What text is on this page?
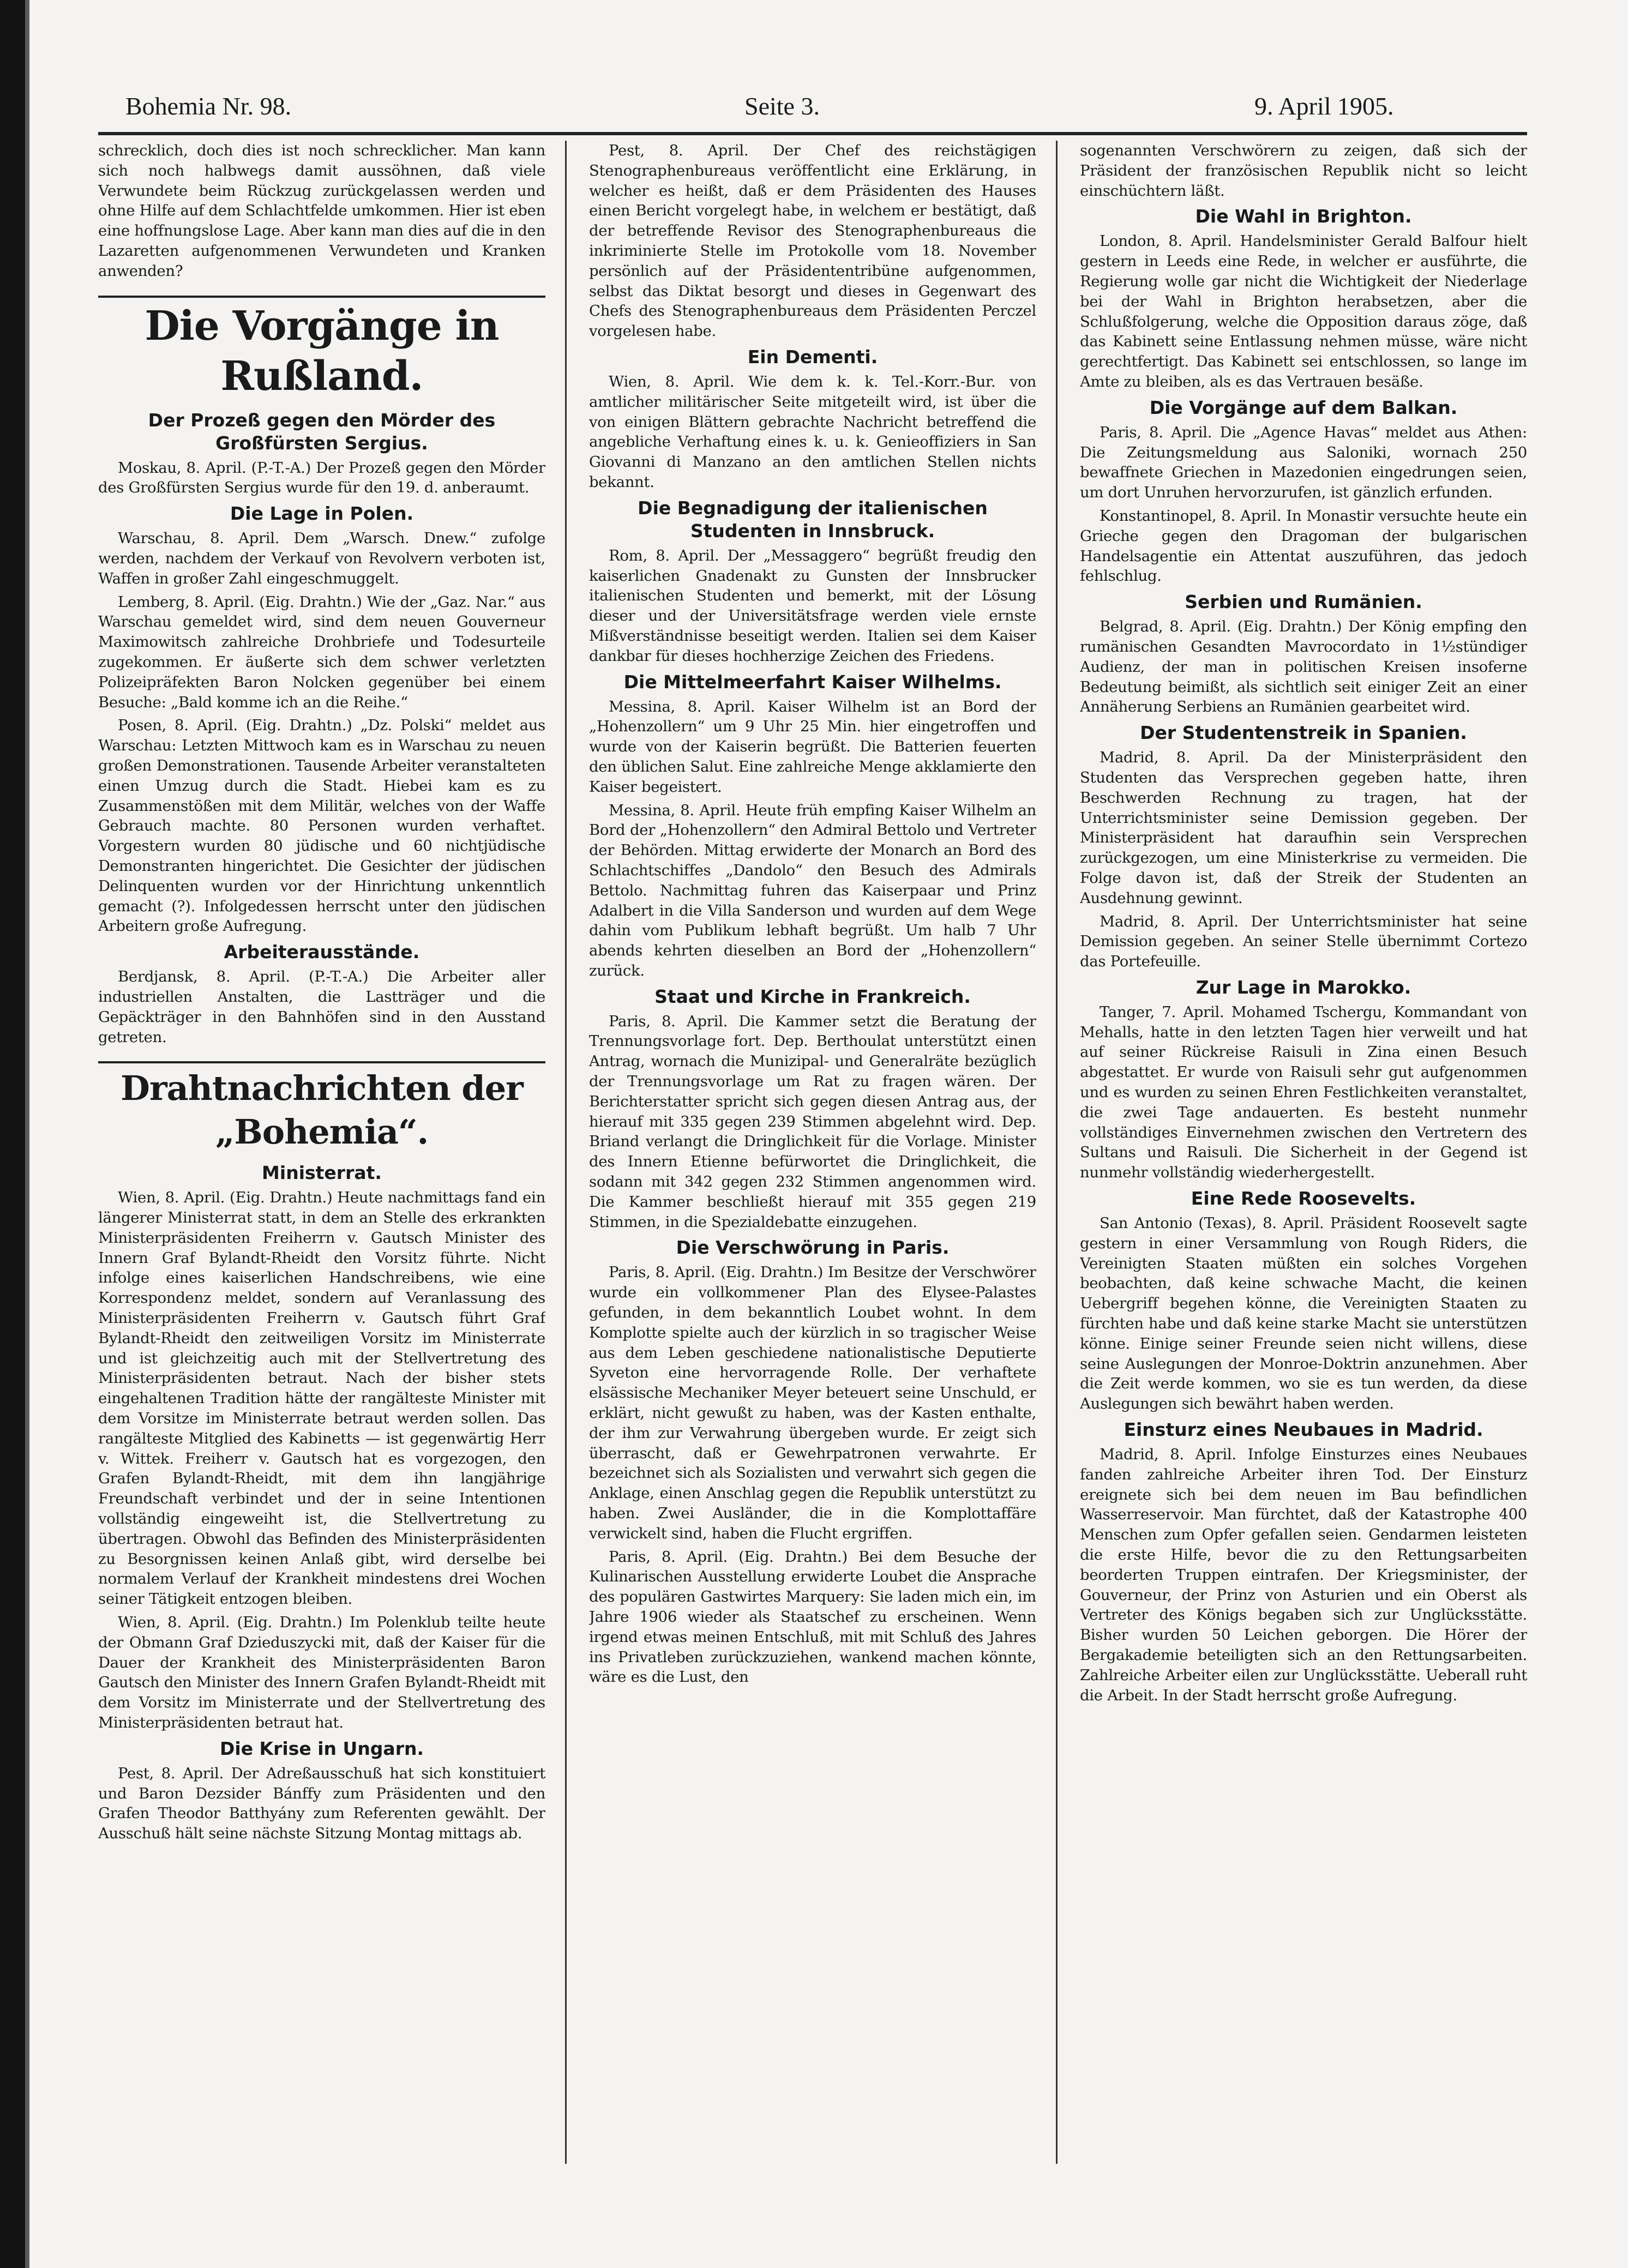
Bohemia Nr. 98.	Seite 3.	9. April 1905.

schrecklich, doch dies ist noch schrecklicher. Man kann sich noch halbwegs damit aussöhnen, daß viele Verwundete beim Rückzug zurückgelassen werden und ohne Hilfe auf dem Schlachtfelde umkommen. Hier ist eben eine hoffnungslose Lage. Aber kann man dies auf die in den Lazaretten aufgenommenen Verwundeten und Kranken anwenden?

Die Vorgänge in Rußland.
Der Prozeß gegen den Mörder des Großfürsten Sergius.

Moskau, 8. April. (P.-T.-A.) Der Prozeß gegen den Mörder des Großfürsten Sergius wurde für den 19. d. anberaumt.

Die Lage in Polen.

Warschau, 8. April. Dem „Warsch. Dnew.“ zufolge werden, nachdem der Verkauf von Revolvern verboten ist, Waffen in großer Zahl eingeschmuggelt.

Lemberg, 8. April. (Eig. Drahtn.) Wie der „Gaz. Nar.“ aus Warschau gemeldet wird, sind dem neuen Gouverneur Maximowitsch zahlreiche Drohbriefe und Todesurteile zugekommen. Er äußerte sich dem schwer verletzten Polizeipräfekten Baron Nolcken gegenüber bei einem Besuche: „Bald komme ich an die Reihe.“

Posen, 8. April. (Eig. Drahtn.) „Dz. Polski“ meldet aus Warschau: Letzten Mittwoch kam es in Warschau zu neuen großen Demonstrationen. Tausende Arbeiter veranstalteten einen Umzug durch die Stadt. Hiebei kam es zu Zusammenstößen mit dem Militär, welches von der Waffe Gebrauch machte. 80 Personen wurden verhaftet. Vorgestern wurden 80 jüdische und 60 nichtjüdische Demonstranten hingerichtet. Die Gesichter der jüdischen Delinquenten wurden vor der Hinrichtung unkenntlich gemacht (?). Infolgedessen herrscht unter den jüdischen Arbeitern große Aufregung.

Arbeiterausstände.

Berdjansk, 8. April. (P.-T.-A.) Die Arbeiter aller industriellen Anstalten, die Lastträger und die Gepäckträger in den Bahnhöfen sind in den Ausstand getreten.

Drahtnachrichten der „Bohemia“.
Ministerrat.

Wien, 8. April. (Eig. Drahtn.) Heute nachmittags fand ein längerer Ministerrat statt, in dem an Stelle des erkrankten Ministerpräsidenten Freiherrn v. Gautsch Minister des Innern Graf Bylandt-Rheidt den Vorsitz führte. Nicht infolge eines kaiserlichen Handschreibens, wie eine Korrespondenz meldet, sondern auf Veranlassung des Ministerpräsidenten Freiherrn v. Gautsch führt Graf Bylandt-Rheidt den zeitweiligen Vorsitz im Ministerrate und ist gleichzeitig auch mit der Stellvertretung des Ministerpräsidenten betraut. Nach der bisher stets eingehaltenen Tradition hätte der rangälteste Minister mit dem Vorsitze im Ministerrate betraut werden sollen. Das rangälteste Mitglied des Kabinetts — ist gegenwärtig Herr v. Wittek. Freiherr v. Gautsch hat es vorgezogen, den Grafen Bylandt-Rheidt, mit dem ihn langjährige Freundschaft verbindet und der in seine Intentionen vollständig eingeweiht ist, die Stellvertretung zu übertragen. Obwohl das Befinden des Ministerpräsidenten zu Besorgnissen keinen Anlaß gibt, wird derselbe bei normalem Verlauf der Krankheit mindestens drei Wochen seiner Tätigkeit entzogen bleiben.

Wien, 8. April. (Eig. Drahtn.) Im Polenklub teilte heute der Obmann Graf Dzieduszycki mit, daß der Kaiser für die Dauer der Krankheit des Ministerpräsidenten Baron Gautsch den Minister des Innern Grafen Bylandt-Rheidt mit dem Vorsitz im Ministerrate und der Stellvertretung des Ministerpräsidenten betraut hat.

Die Krise in Ungarn.

Pest, 8. April. Der Adreßausschuß hat sich konstituiert und Baron Dezsider Bánffy zum Präsidenten und den Grafen Theodor Batthyány zum Referenten gewählt. Der Ausschuß hält seine nächste Sitzung Montag mittags ab.

Pest, 8. April. Der Chef des reichstägigen Stenographenbureaus veröffentlicht eine Erklärung, in welcher es heißt, daß er dem Präsidenten des Hauses einen Bericht vorgelegt habe, in welchem er bestätigt, daß der betreffende Revisor des Stenographenbureaus die inkriminierte Stelle im Protokolle vom 18. November persönlich auf der Präsidententribüne aufgenommen, selbst das Diktat besorgt und dieses in Gegenwart des Chefs des Stenographenbureaus dem Präsidenten Perczel vorgelesen habe.

Ein Dementi.

Wien, 8. April. Wie dem k. k. Tel.-Korr.-Bur. von amtlicher militärischer Seite mitgeteilt wird, ist über die von einigen Blättern gebrachte Nachricht betreffend die angebliche Verhaftung eines k. u. k. Genieoffiziers in San Giovanni di Manzano an den amtlichen Stellen nichts bekannt.

Die Begnadigung der italienischen Studenten in Innsbruck.

Rom, 8. April. Der „Messaggero“ begrüßt freudig den kaiserlichen Gnadenakt zu Gunsten der Innsbrucker italienischen Studenten und bemerkt, mit der Lösung dieser und der Universitätsfrage werden viele ernste Mißverständnisse beseitigt werden. Italien sei dem Kaiser dankbar für dieses hochherzige Zeichen des Friedens.

Die Mittelmeerfahrt Kaiser Wilhelms.

Messina, 8. April. Kaiser Wilhelm ist an Bord der „Hohenzollern“ um 9 Uhr 25 Min. hier eingetroffen und wurde von der Kaiserin begrüßt. Die Batterien feuerten den üblichen Salut. Eine zahlreiche Menge akklamierte den Kaiser begeistert.

Messina, 8. April. Heute früh empfing Kaiser Wilhelm an Bord der „Hohenzollern“ den Admiral Bettolo und Vertreter der Behörden. Mittag erwiderte der Monarch an Bord des Schlachtschiffes „Dandolo“ den Besuch des Admirals Bettolo. Nachmittag fuhren das Kaiserpaar und Prinz Adalbert in die Villa Sanderson und wurden auf dem Wege dahin vom Publikum lebhaft begrüßt. Um halb 7 Uhr abends kehrten dieselben an Bord der „Hohenzollern“ zurück.

Staat und Kirche in Frankreich.

Paris, 8. April. Die Kammer setzt die Beratung der Trennungsvorlage fort. Dep. Berthoulat unterstützt einen Antrag, wornach die Munizipal- und Generalräte bezüglich der Trennungsvorlage um Rat zu fragen wären. Der Berichterstatter spricht sich gegen diesen Antrag aus, der hierauf mit 335 gegen 239 Stimmen abgelehnt wird. Dep. Briand verlangt die Dringlichkeit für die Vorlage. Minister des Innern Etienne befürwortet die Dringlichkeit, die sodann mit 342 gegen 232 Stimmen angenommen wird. Die Kammer beschließt hierauf mit 355 gegen 219 Stimmen, in die Spezialdebatte einzugehen.

Die Verschwörung in Paris.

Paris, 8. April. (Eig. Drahtn.) Im Besitze der Verschwörer wurde ein vollkommener Plan des Elysee-Palastes gefunden, in dem bekanntlich Loubet wohnt. In dem Komplotte spielte auch der kürzlich in so tragischer Weise aus dem Leben geschiedene nationalistische Deputierte Syveton eine hervorragende Rolle. Der verhaftete elsässische Mechaniker Meyer beteuert seine Unschuld, er erklärt, nicht gewußt zu haben, was der Kasten enthalte, der ihm zur Verwahrung übergeben wurde. Er zeigt sich überrascht, daß er Gewehrpatronen verwahrte. Er bezeichnet sich als Sozialisten und verwahrt sich gegen die Anklage, einen Anschlag gegen die Republik unterstützt zu haben. Zwei Ausländer, die in die Komplottaffäre verwickelt sind, haben die Flucht ergriffen.

Paris, 8. April. (Eig. Drahtn.) Bei dem Besuche der Kulinarischen Ausstellung erwiderte Loubet die Ansprache des populären Gastwirtes Marquery: Sie laden mich ein, im Jahre 1906 wieder als Staatschef zu erscheinen. Wenn irgend etwas meinen Entschluß, mit mit Schluß des Jahres ins Privatleben zurückzuziehen, wankend machen könnte, wäre es die Lust, den

sogenannten Verschwörern zu zeigen, daß sich der Präsident der französischen Republik nicht so leicht einschüchtern läßt.

Die Wahl in Brighton.

London, 8. April. Handelsminister Gerald Balfour hielt gestern in Leeds eine Rede, in welcher er ausführte, die Regierung wolle gar nicht die Wichtigkeit der Niederlage bei der Wahl in Brighton herabsetzen, aber die Schlußfolgerung, welche die Opposition daraus zöge, daß das Kabinett seine Entlassung nehmen müsse, wäre nicht gerechtfertigt. Das Kabinett sei entschlossen, so lange im Amte zu bleiben, als es das Vertrauen besäße.

Die Vorgänge auf dem Balkan.

Paris, 8. April. Die „Agence Havas“ meldet aus Athen: Die Zeitungsmeldung aus Saloniki, wornach 250 bewaffnete Griechen in Mazedonien eingedrungen seien, um dort Unruhen hervorzurufen, ist gänzlich erfunden.

Konstantinopel, 8. April. In Monastir versuchte heute ein Grieche gegen den Dragoman der bulgarischen Handelsagentie ein Attentat auszuführen, das jedoch fehlschlug.

Serbien und Rumänien.

Belgrad, 8. April. (Eig. Drahtn.) Der König empfing den rumänischen Gesandten Mavrocordato in 1½stündiger Audienz, der man in politischen Kreisen insoferne Bedeutung beimißt, als sichtlich seit einiger Zeit an einer Annäherung Serbiens an Rumänien gearbeitet wird.

Der Studentenstreik in Spanien.

Madrid, 8. April. Da der Ministerpräsident den Studenten das Versprechen gegeben hatte, ihren Beschwerden Rechnung zu tragen, hat der Unterrichtsminister seine Demission gegeben. Der Ministerpräsident hat daraufhin sein Versprechen zurückgezogen, um eine Ministerkrise zu vermeiden. Die Folge davon ist, daß der Streik der Studenten an Ausdehnung gewinnt.

Madrid, 8. April. Der Unterrichtsminister hat seine Demission gegeben. An seiner Stelle übernimmt Cortezo das Portefeuille.

Zur Lage in Marokko.

Tanger, 7. April. Mohamed Tschergu, Kommandant von Mehalls, hatte in den letzten Tagen hier verweilt und hat auf seiner Rückreise Raisuli in Zina einen Besuch abgestattet. Er wurde von Raisuli sehr gut aufgenommen und es wurden zu seinen Ehren Festlichkeiten veranstaltet, die zwei Tage andauerten. Es besteht nunmehr vollständiges Einvernehmen zwischen den Vertretern des Sultans und Raisuli. Die Sicherheit in der Gegend ist nunmehr vollständig wiederhergestellt.

Eine Rede Roosevelts.

San Antonio (Texas), 8. April. Präsident Roosevelt sagte gestern in einer Versammlung von Rough Riders, die Vereinigten Staaten müßten ein solches Vorgehen beobachten, daß keine schwache Macht, die keinen Uebergriff begehen könne, die Vereinigten Staaten zu fürchten habe und daß keine starke Macht sie unterstützen könne. Einige seiner Freunde seien nicht willens, diese seine Auslegungen der Monroe-Doktrin anzunehmen. Aber die Zeit werde kommen, wo sie es tun werden, da diese Auslegungen sich bewährt haben werden.

Einsturz eines Neubaues in Madrid.

Madrid, 8. April. Infolge Einsturzes eines Neubaues fanden zahlreiche Arbeiter ihren Tod. Der Einsturz ereignete sich bei dem neuen im Bau befindlichen Wasserreservoir. Man fürchtet, daß der Katastrophe 400 Menschen zum Opfer gefallen seien. Gendarmen leisteten die erste Hilfe, bevor die zu den Rettungsarbeiten beorderten Truppen eintrafen. Der Kriegsminister, der Gouverneur, der Prinz von Asturien und ein Oberst als Vertreter des Königs begaben sich zur Unglücksstätte. Bisher wurden 50 Leichen geborgen. Die Hörer der Bergakademie beteiligten sich an den Rettungsarbeiten. Zahlreiche Arbeiter eilen zur Unglücksstätte. Ueberall ruht die Arbeit. In der Stadt herrscht große Aufregung.
